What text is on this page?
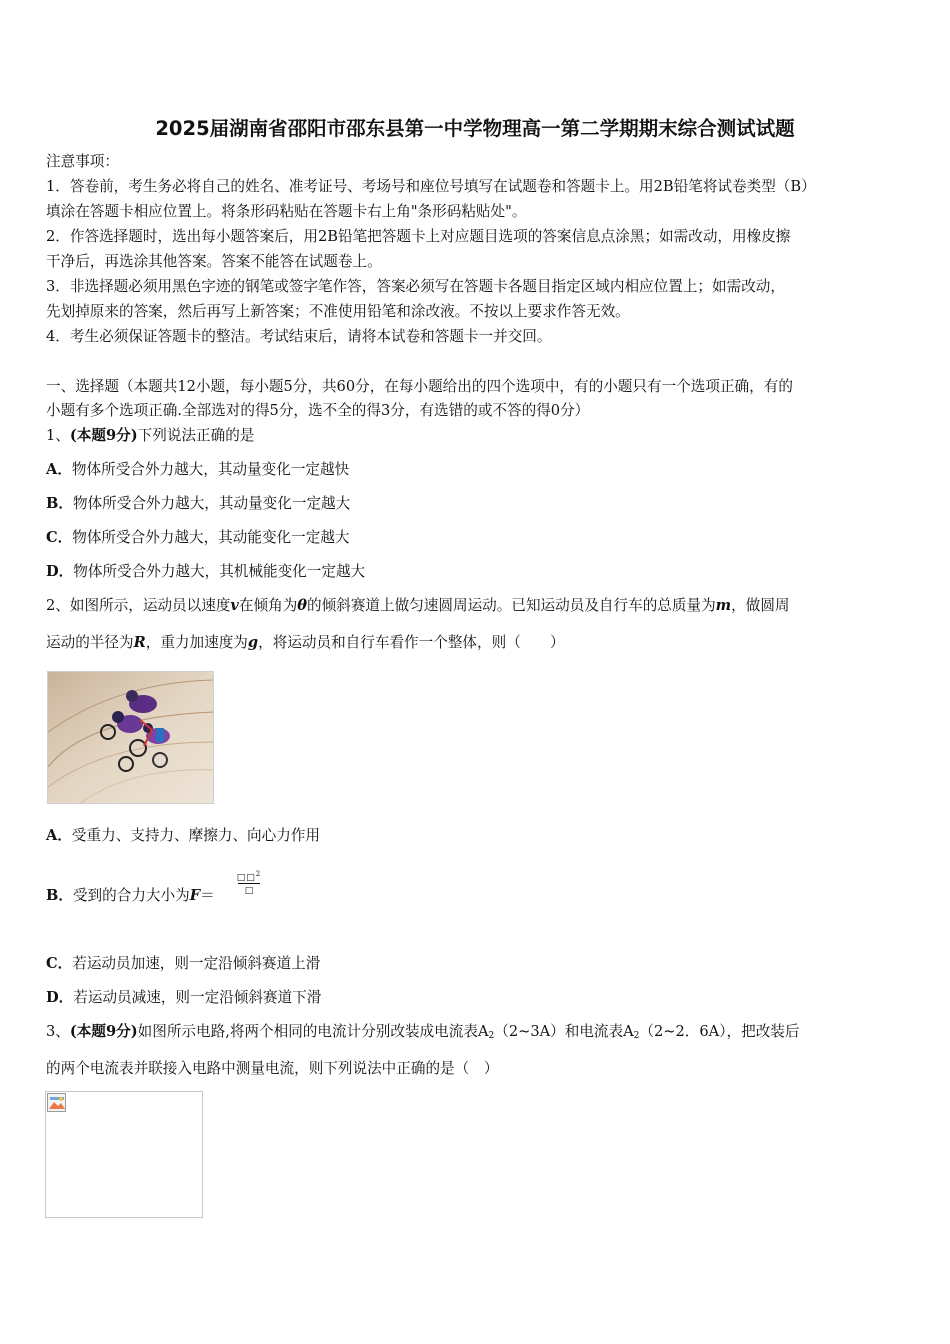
2025届湖南省邵阳市邵东县第一中学物理高一第二学期期末综合测试试题
注意事项：
1．答卷前，考生务必将自己的姓名、准考证号、考场号和座位号填写在试题卷和答题卡上。用2B铅笔将试卷类型（B）
填涂在答题卡相应位置上。将条形码粘贴在答题卡右上角"条形码粘贴处"。
2．作答选择题时，选出每小题答案后，用2B铅笔把答题卡上对应题目选项的答案信息点涂黑；如需改动，用橡皮擦
干净后，再选涂其他答案。答案不能答在试题卷上。
3．非选择题必须用黑色字迹的钢笔或签字笔作答，答案必须写在答题卡各题目指定区域内相应位置上；如需改动，
先划掉原来的答案，然后再写上新答案；不准使用铅笔和涂改液。不按以上要求作答无效。
4．考生必须保证答题卡的整洁。考试结束后，请将本试卷和答题卡一并交回。
一、选择题（本题共12小题，每小题5分，共60分，在每小题给出的四个选项中，有的小题只有一个选项正确，有的
小题有多个选项正确.全部选对的得5分，选不全的得3分，有选错的或不答的得0分）
1、(本题9分)下列说法正确的是
A．物体所受合外力越大，其动量变化一定越快
B．物体所受合外力越大，其动量变化一定越大
C．物体所受合外力越大，其动能变化一定越大
D．物体所受合外力越大，其机械能变化一定越大
2、如图所示，运动员以速度v在倾角为θ的倾斜赛道上做匀速圆周运动。已知运动员及自行车的总质量为m，做圆周
运动的半径为R，重力加速度为g，将运动员和自行车看作一个整体，则（　　）
A．受重力、支持力、摩擦力、向心力作用
B．受到的合力大小为F＝
□□$^2$
□
C．若运动员加速，则一定沿倾斜赛道上滑
D．若运动员减速，则一定沿倾斜赛道下滑
3、(本题9分)如图所示电路,将两个相同的电流计分别改装成电流表$A_2(2\sim 3A)$和电流表$A_2(2\sim 2$．6A），把改装后
的两个电流表并联接入电路中测量电流，则下列说法中正确的是（　）
